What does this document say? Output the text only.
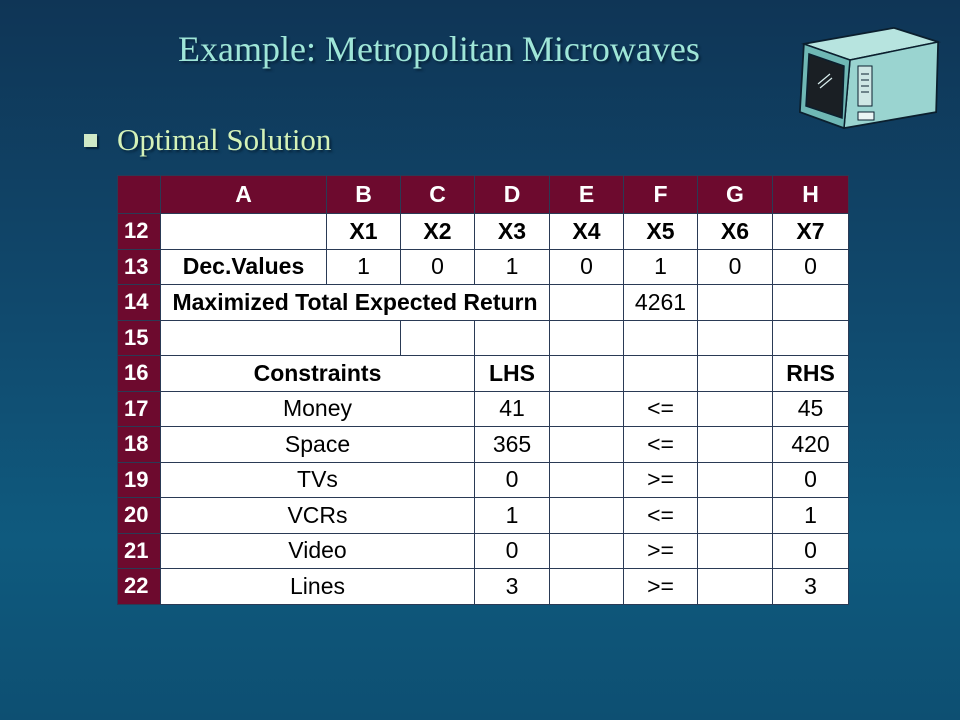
Example: Metropolitan Microwaves
Optimal Solution
	A	B	C	D	E	F	G	H
12		X1	X2	X3	X4	X5	X6	X7
13	Dec.Values	1	0	1	0	1	0	0
14	Maximized Total Expected Return					4261		
15								
16	Constraints			LHS				RHS
17	Money			41		<=		45
18	Space			365		<=		420
19	TVs			0		>=		0
20	VCRs			1		<=		1
21	Video			0		>=		0
22	Lines			3		>=		3
